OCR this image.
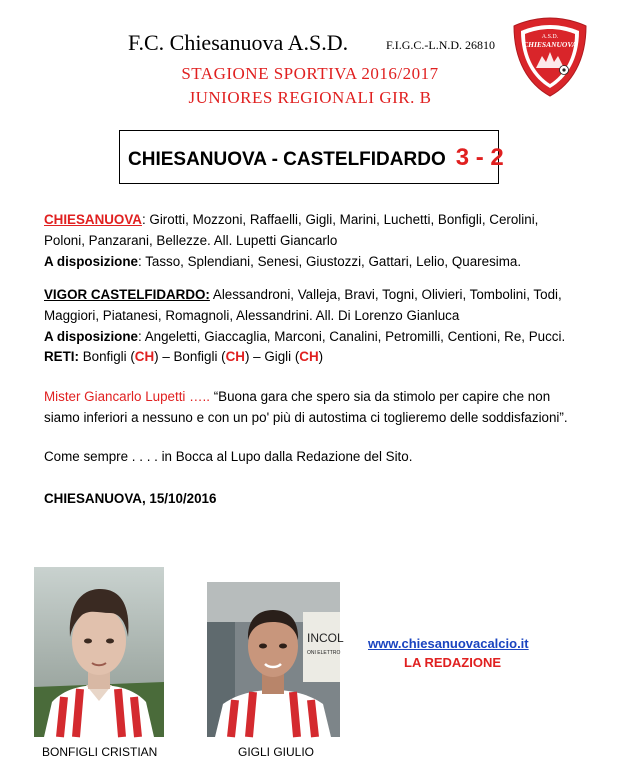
F.C. Chiesanuova A.S.D.	F.I.G.C.-L.N.D. 26810
STAGIONE SPORTIVA 2016/2017
JUNIORES REGIONALI GIR. B
A.S.D.
CHIESANUOVA
CHIESANUOVA - CASTELFIDARDO 3 - 2
CHIESANUOVA: Girotti, Mozzoni, Raffaelli, Gigli, Marini, Luchetti, Bonfigli, Cerolini,
Poloni, Panzarani, Bellezze. All. Lupetti Giancarlo
A disposizione: Tasso, Splendiani, Senesi, Giustozzi, Gattari, Lelio, Quaresima.
VIGOR CASTELFIDARDO: Alessandroni, Valleja, Bravi, Togni, Olivieri, Tombolini, Todi,
Maggiori, Piatanesi, Romagnoli, Alessandrini. All. Di Lorenzo Gianluca
A disposizione: Angeletti, Giaccaglia, Marconi, Canalini, Petromilli, Centioni, Re, Pucci.
RETI: Bonfigli (CH) – Bonfigli (CH) – Gigli (CH)
Mister Giancarlo Lupetti ….. “Buona gara che spero sia da stimolo per capire che non
siamo inferiori a nessuno e con un po' più di autostima ci toglieremo delle soddisfazioni”.
Come sempre . . . . in Bocca al Lupo dalla Redazione del Sito.
CHIESANUOVA, 15/10/2016
BONFIGLI CRISTIAN
INCOL
ONI ELETTRO
GIGLI GIULIO
www.chiesanuovacalcio.it
LA REDAZIONE
